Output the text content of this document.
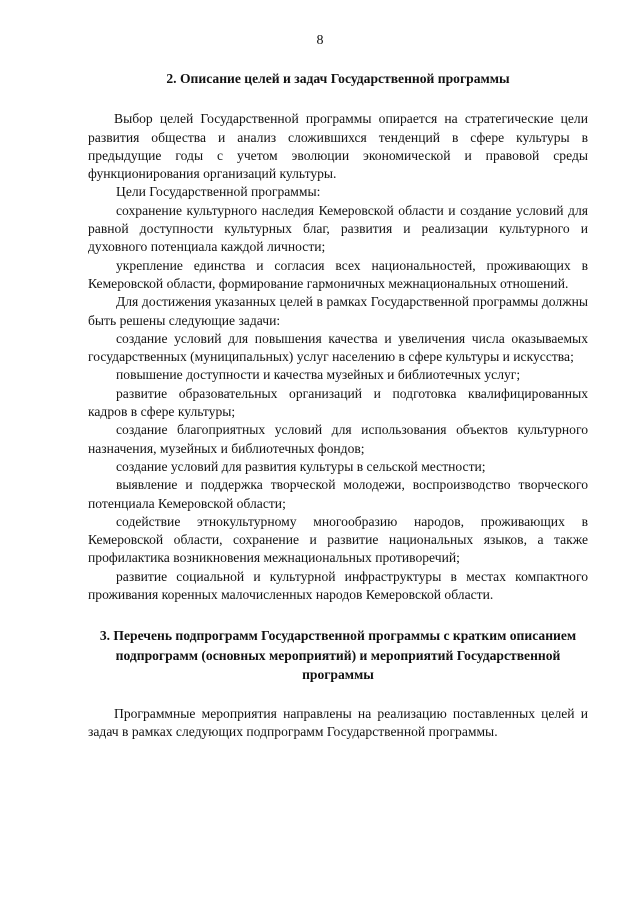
8

2. Описание целей и задач Государственной программы

Выбор целей Государственной программы опирается на стратегические цели развития общества и анализ сложившихся тенденций в сфере культуры в предыдущие годы с учетом эволюции экономической и правовой среды функционирования организаций культуры.

Цели Государственной программы:

сохранение культурного наследия Кемеровской области и создание условий для равной доступности культурных благ, развития и реализации культурного и духовного потенциала каждой личности;

укрепление единства и согласия всех национальностей, проживающих в Кемеровской области, формирование гармоничных межнациональных отношений.

Для достижения указанных целей в рамках Государственной программы должны быть решены следующие задачи:

создание условий для повышения качества и увеличения числа оказываемых государственных (муниципальных) услуг населению в сфере культуры и искусства;

повышение доступности и качества музейных и библиотечных услуг;

развитие образовательных организаций и подготовка квалифицированных кадров в сфере культуры;

создание благоприятных условий для использования объектов культурного назначения, музейных и библиотечных фондов;

создание условий для развития культуры в сельской местности;

выявление и поддержка творческой молодежи, воспроизводство творческого потенциала Кемеровской области;

содействие этнокультурному многообразию народов, проживающих в Кемеровской области, сохранение и развитие национальных языков, а также профилактика возникновения межнациональных противоречий;

развитие социальной и культурной инфраструктуры в местах компактного проживания коренных малочисленных народов Кемеровской области.

3. Перечень подпрограмм Государственной программы с кратким описанием подпрограмм (основных мероприятий) и мероприятий Государственной программы

Программные мероприятия направлены на реализацию поставленных целей и задач в рамках следующих подпрограмм Государственной программы.
